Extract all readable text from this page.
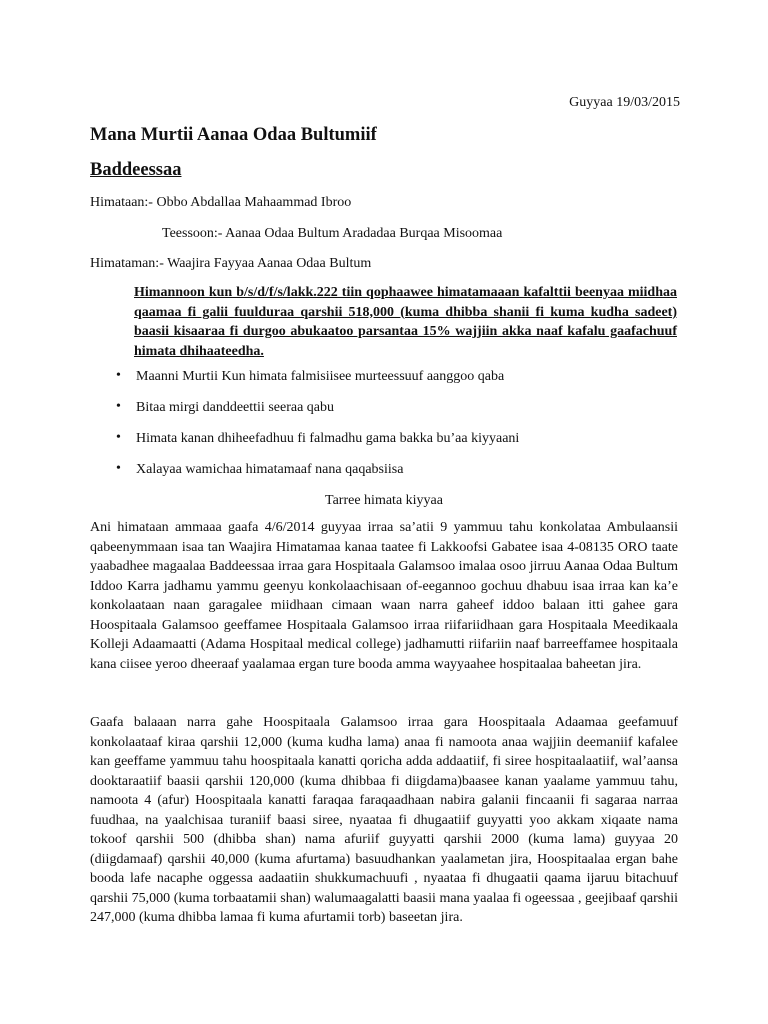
Guyyaa 19/03/2015
Mana Murtii Aanaa Odaa Bultumiif
Baddeessaa
Himataan:- Obbo Abdallaa Mahaammad Ibroo
Teessoon:- Aanaa Odaa Bultum Aradadaa Burqaa Misoomaa
Himataman:- Waajira Fayyaa Aanaa Odaa Bultum
Himannoon kun b/s/d/f/s/lakk.222 tiin qophaawee himatamaaan kafalttii beenyaa miidhaa qaamaa fi galii fuulduraa qarshii 518,000 (kuma dhibba shanii fi kuma kudha sadeet) baasii kisaaraa fi durgoo abukaatoo parsantaa 15% wajjiin akka naaf kafalu gaafachuuf himata dhihaateedha.
• Maanni Murtii Kun himata falmisiisee murteessuuf aanggoo qaba
• Bitaa mirgi danddeettii seeraa qabu
• Himata kanan dhiheefadhuu fi falmadhu gama bakka bu’aa kiyyaani
• Xalayaa wamichaa himatamaaf nana qaqabsiisa
Tarree himata kiyyaa

Ani himataan ammaaa gaafa 4/6/2014 guyyaa irraa sa’atii 9 yammuu tahu konkolataa Ambulaansii qabeenymmaan isaa tan Waajira Himatamaa kanaa taatee fi Lakkoofsi Gabatee isaa 4-08135 ORO taate yaabadhee magaalaa Baddeessaa irraa gara Hospitaala Galamsoo imalaa osoo jirruu Aanaa Odaa Bultum Iddoo Karra jadhamu yammu geenyu konkolaachisaan of-eegannoo gochuu dhabuu isaa irraa kan ka’e konkolaataan naan garagalee miidhaan cimaan waan narra gaheef iddoo balaan itti gahee gara Hoospitaala Galamsoo geeffamee Hospitaala Galamsoo irraa riifariidhaan gara Hospitaala Meedikaala Kolleji Adaamaatti (Adama Hospitaal medical college) jadhamutti riifariin naaf barreeffamee hospitaala kana ciisee yeroo dheeraaf yaalamaa ergan ture booda amma wayyaahee hospitaalaa baheetan jira.

Gaafa balaaan narra gahe Hoospitaala Galamsoo irraa gara Hoospitaala Adaamaa geefamuuf konkolaataaf kiraa qarshii 12,000 (kuma kudha lama) anaa fi namoota anaa wajjiin deemaniif kafalee kan geeffame yammuu tahu hoospitaala kanatti qoricha adda addaatiif, fi siree hospitaalaatiif, wal’aansa dooktaraatiif baasii qarshii 120,000 (kuma dhibbaa fi diigdama)baasee kanan yaalame yammuu tahu, namoota 4 (afur) Hoospitaala kanatti faraqaa faraqaadhaan nabira galanii fincaanii fi sagaraa narraa fuudhaa, na yaalchisaa turaniif baasi siree, nyaataa fi dhugaatiif guyyatti yoo akkam xiqaate nama tokoof qarshii 500 (dhibba shan) nama afuriif guyyatti qarshii 2000 (kuma lama) guyyaa 20 (diigdamaaf) qarshii 40,000 (kuma afurtama) basuudhankan yaalametan jira, Hoospitaalaa ergan bahe booda lafe nacaphe oggessa aadaatiin shukkumachuufi , nyaataa fi dhugaatii qaama ijaruu bitachuuf qarshii 75,000 (kuma torbaatamii shan) walumaagalatti baasii mana yaalaa fi ogeessaa , geejibaaf qarshii 247,000 (kuma dhibba lamaa fi kuma afurtamii torb) baseetan jira.
